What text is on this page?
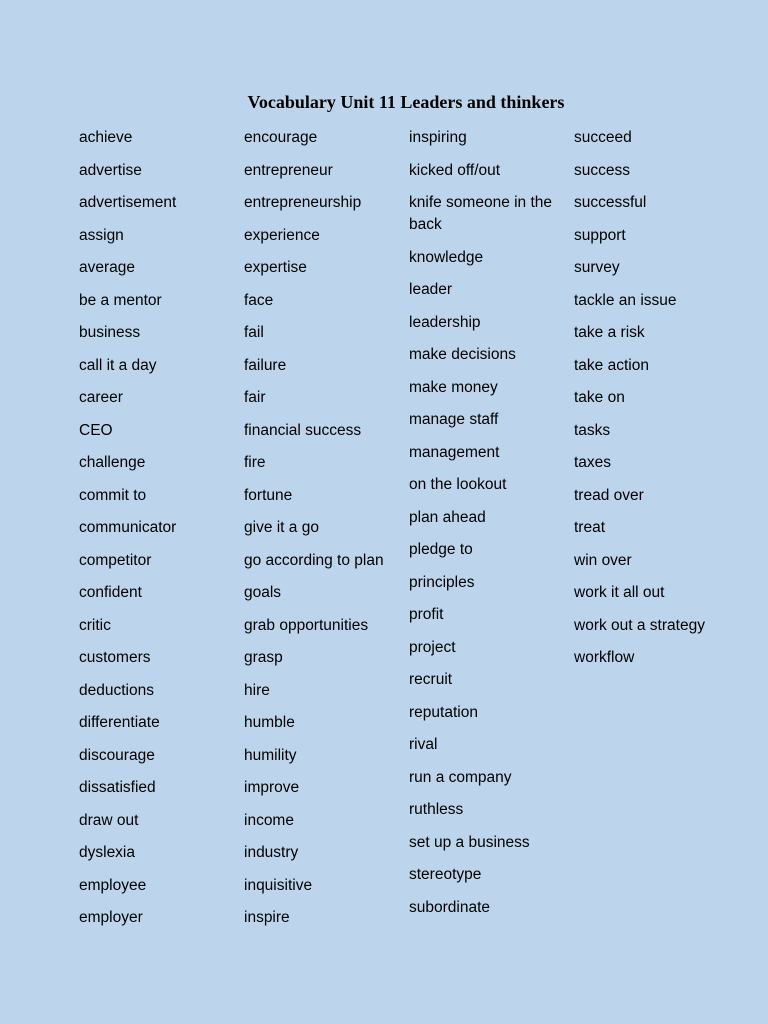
Vocabulary Unit 11 Leaders and thinkers
achieve
advertise
advertisement
assign
average
be a mentor
business
call it a day
career
CEO
challenge
commit to
communicator
competitor
confident
critic
customers
deductions
differentiate
discourage
dissatisfied
draw out
dyslexia
employee
employer
encourage
entrepreneur
entrepreneurship
experience
expertise
face
fail
failure
fair
financial success
fire
fortune
give it a go
go according to plan
goals
grab opportunities
grasp
hire
humble
humility
improve
income
industry
inquisitive
inspire
inspiring
kicked off/out
knife someone in the back
knowledge
leader
leadership
make decisions
make money
manage staff
management
on the lookout
plan ahead
pledge to
principles
profit
project
recruit
reputation
rival
run a company
ruthless
set up a business
stereotype
subordinate
succeed
success
successful
support
survey
tackle an issue
take a risk
take action
take on
tasks
taxes
tread over
treat
win over
work it all out
work out a strategy
workflow
